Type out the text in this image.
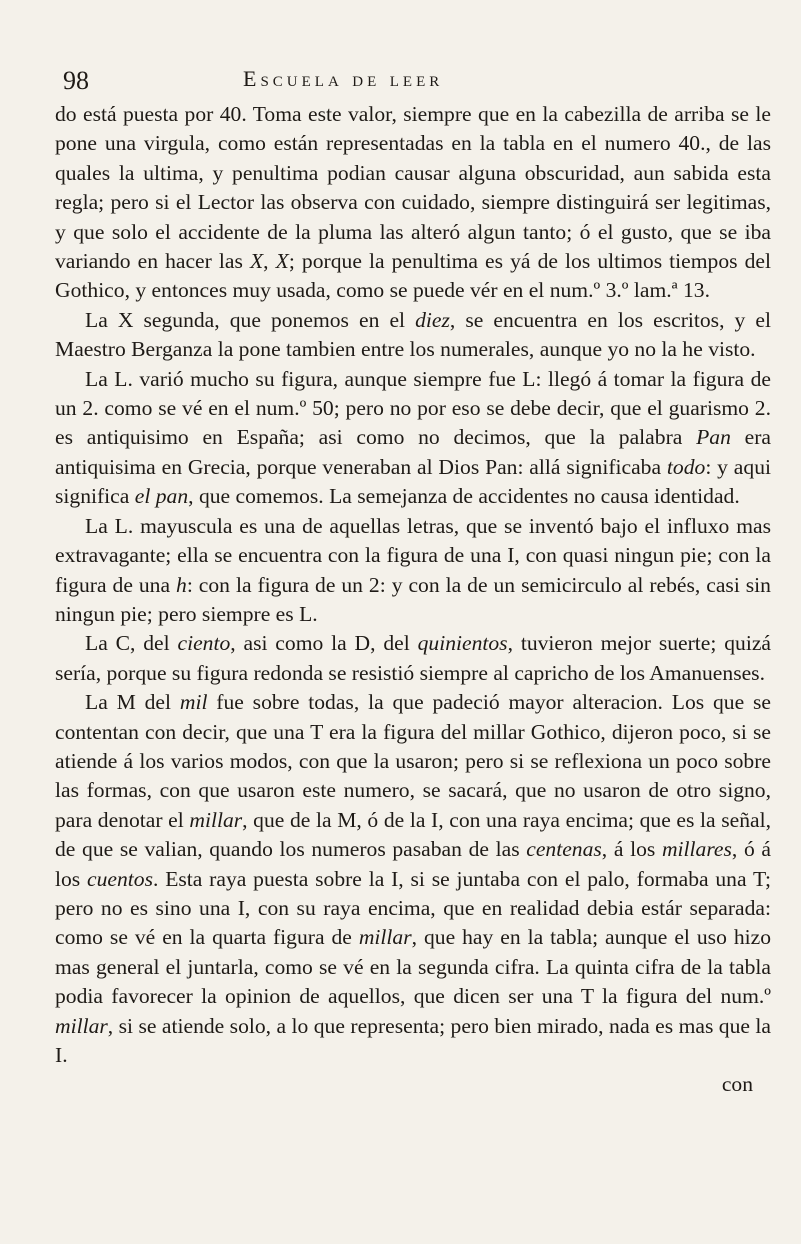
98	Escuela de leer

do está puesta por 40. Toma este valor, siempre que en la cabezilla de arriba se le pone una virgula, como están representadas en la tabla en el numero 40., de las quales la ultima, y penultima podian causar alguna obscuridad, aun sabida esta regla; pero si el Lector las observa con cuidado, siempre distinguirá ser legitimas, y que solo el accidente de la pluma las alteró algun tanto; ó el gusto, que se iba variando en hacer las X, X; porque la penultima es yá de los ultimos tiempos del Gothico, y entonces muy usada, como se puede vér en el num.º 3.º lam.ª 13.

La X segunda, que ponemos en el diez, se encuentra en los escritos, y el Maestro Berganza la pone tambien entre los numerales, aunque yo no la he visto.

La L. varió mucho su figura, aunque siempre fue L: llegó á tomar la figura de un 2. como se vé en el num.º 50; pero no por eso se debe decir, que el guarismo 2. es antiquisimo en España; asi como no decimos, que la palabra Pan era antiquisima en Grecia, porque veneraban al Dios Pan: allá significaba todo: y aqui significa el pan, que comemos. La semejanza de accidentes no causa identidad.

La L. mayuscula es una de aquellas letras, que se inventó bajo el influxo mas extravagante; ella se encuentra con la figura de una I, con quasi ningun pie; con la figura de una h: con la figura de un 2: y con la de un semicirculo al rebés, casi sin ningun pie; pero siempre es L.

La C, del ciento, asi como la D, del quinientos, tuvieron mejor suerte; quizá sería, porque su figura redonda se resistió siempre al capricho de los Amanuenses.

La M del mil fue sobre todas, la que padeció mayor alteracion. Los que se contentan con decir, que una T era la figura del millar Gothico, dijeron poco, si se atiende á los varios modos, con que la usaron; pero si se reflexiona un poco sobre las formas, con que usaron este numero, se sacará, que no usaron de otro signo, para denotar el millar, que de la M, ó de la I, con una raya encima; que es la señal, de que se valian, quando los numeros pasaban de las centenas, á los millares, ó á los cuentos. Esta raya puesta sobre la I, si se juntaba con el palo, formaba una T; pero no es sino una I, con su raya encima, que en realidad debia estár separada: como se vé en la quarta figura de millar, que hay en la tabla; aunque el uso hizo mas general el juntarla, como se vé en la segunda cifra. La quinta cifra de la tabla podia favorecer la opinion de aquellos, que dicen ser una T la figura del num.º millar, si se atiende solo, a lo que representa; pero bien mirado, nada es mas que la I.

con
